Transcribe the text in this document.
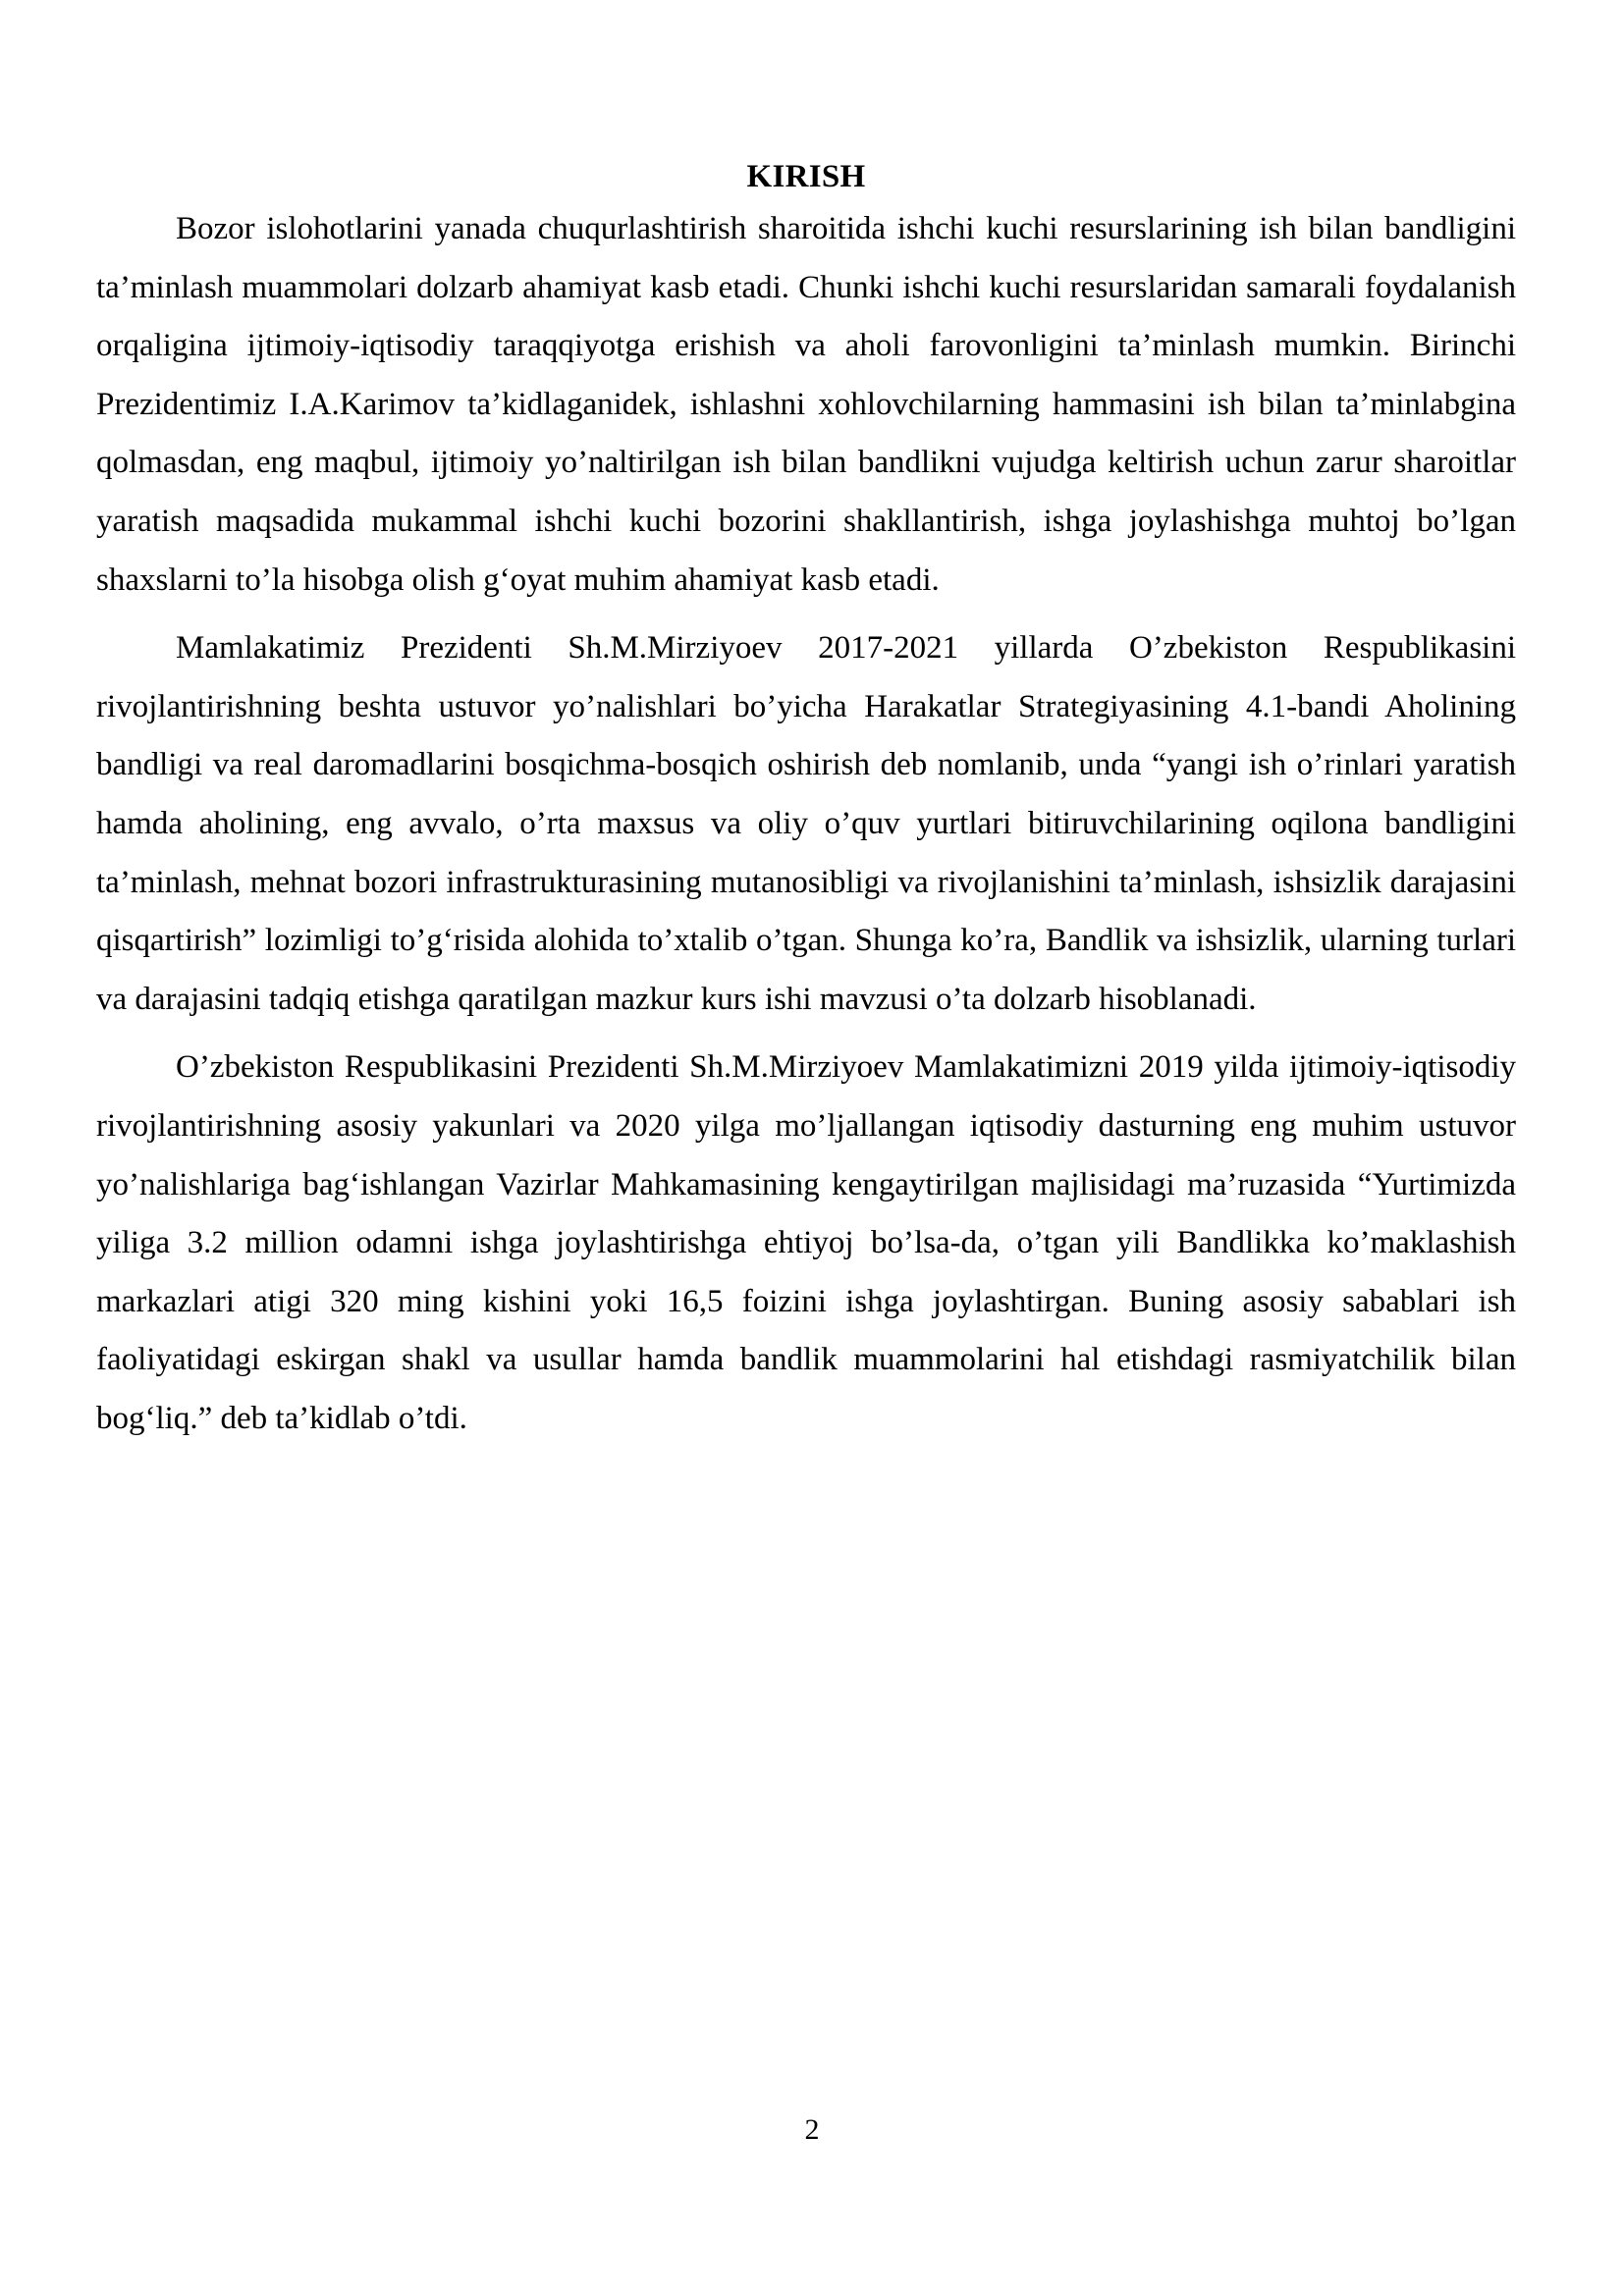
KIRISH

Bozor islohotlarini yanada chuqurlashtirish sharoitida ishchi kuchi resurslarining ish bilan bandligini ta’minlash muammolari dolzarb ahamiyat kasb etadi. Chunki ishchi kuchi resurslaridan samarali foydalanish orqaligina ijtimoiy-iqtisodiy taraqqiyotga erishish va aholi farovonligini ta’minlash mumkin. Birinchi Prezidentimiz I.A.Karimov ta’kidlaganidek, ishlashni xohlovchilarning hammasini ish bilan ta’minlabgina qolmasdan, eng maqbul, ijtimoiy yo’naltirilgan ish bilan bandlikni vujudga keltirish uchun zarur sharoitlar yaratish maqsadida mukammal ishchi kuchi bozorini shakllantirish, ishga joylashishga muhtoj bo’lgan shaxslarni to’la hisobga olish g‘oyat muhim ahamiyat kasb etadi.

Mamlakatimiz Prezidenti Sh.M.Mirziyoev 2017-2021 yillarda O’zbekiston Respublikasini rivojlantirishning beshta ustuvor yo’nalishlari bo’yicha Harakatlar Strategiyasining 4.1-bandi Aholining bandligi va real daromadlarini bosqichma-bosqich oshirish deb nomlanib, unda “yangi ish o’rinlari yaratish hamda aholining, eng avvalo, o’rta maxsus va oliy o’quv yurtlari bitiruvchilarining oqilona bandligini ta’minlash, mehnat bozori infrastrukturasining mutanosibligi va rivojlanishini ta’minlash, ishsizlik darajasini qisqartirish” lozimligi to’g‘risida alohida to’xtalib o’tgan. Shunga ko’ra, Bandlik va ishsizlik, ularning turlari va darajasini tadqiq etishga qaratilgan mazkur kurs ishi mavzusi o’ta dolzarb hisoblanadi.

O’zbekiston Respublikasini Prezidenti Sh.M.Mirziyoev Mamlakatimizni 2019 yilda ijtimoiy-iqtisodiy rivojlantirishning asosiy yakunlari va 2020 yilga mo’ljallangan iqtisodiy dasturning eng muhim ustuvor yo’nalishlariga bag‘ishlangan Vazirlar Mahkamasining kengaytirilgan majlisidagi ma’ruzasida “Yurtimizda yiliga 3.2 million odamni ishga joylashtirishga ehtiyoj bo’lsa-da, o’tgan yili Bandlikka ko’maklashish markazlari atigi 320 ming kishini yoki 16,5 foizini ishga joylashtirgan. Buning asosiy sabablari ish faoliyatidagi eskirgan shakl va usullar hamda bandlik muammolarini hal etishdagi rasmiyatchilik bilan bog‘liq.” deb ta’kidlab o’tdi.

2
